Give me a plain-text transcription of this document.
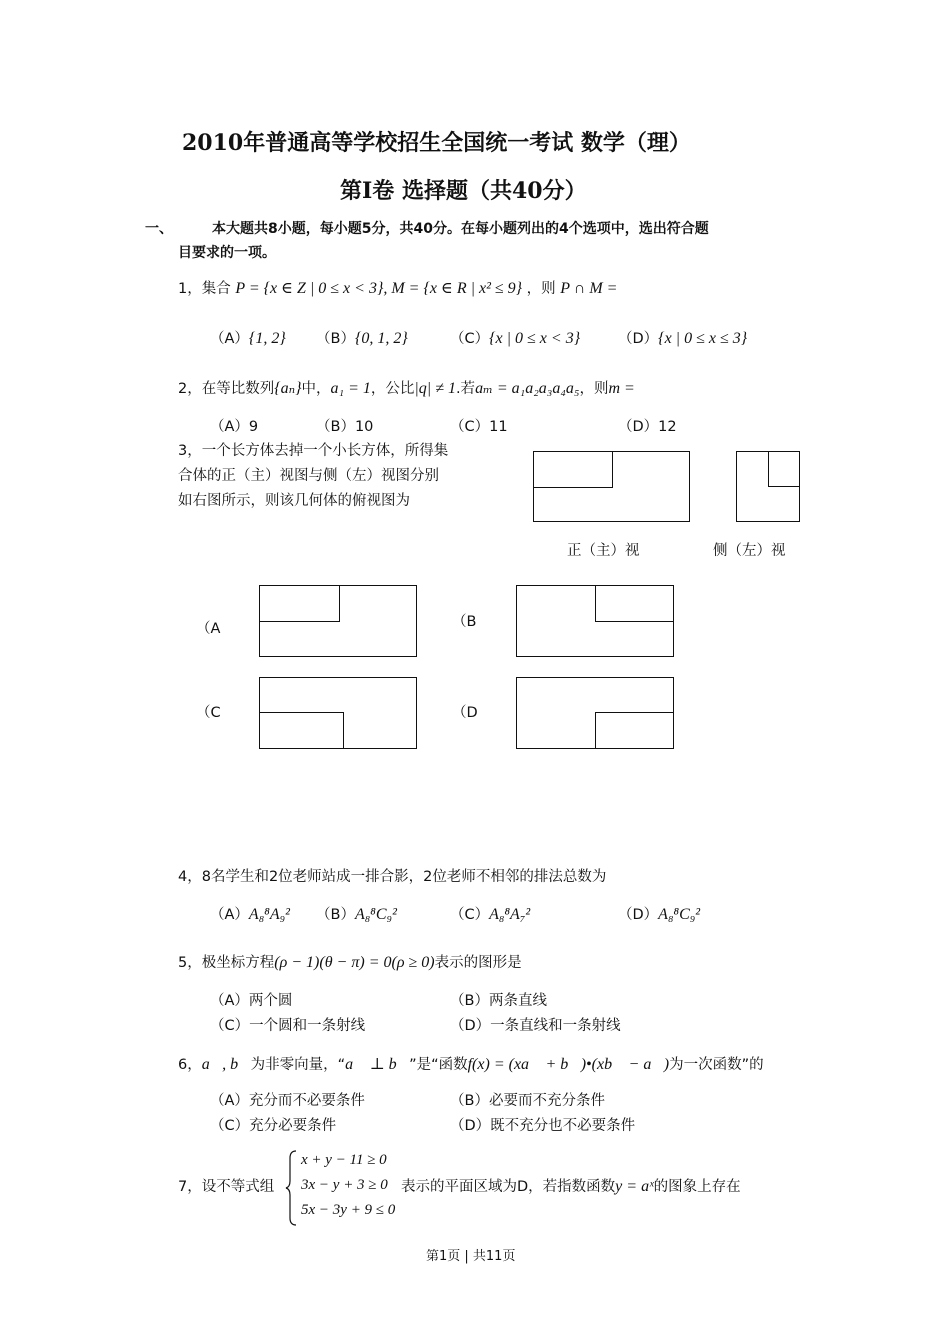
2010年普通高等学校招生全国统一考试 数学（理）
第I卷 选择题（共40分）
一、	本大题共8小题，每小题5分，共40分。在每小题列出的4个选项中，选出符合题
目要求的一项。
1，集合 P = {x ∈ Z | 0 ≤ x < 3}, M = {x ∈ R | x² ≤ 9} ，则 P ∩ M =
（A）{1, 2} （B）{0, 1, 2}	（C）{x | 0 ≤ x < 3}	（D）{x | 0 ≤ x ≤ 3}
2，在等比数列{aₙ}中，a₁ = 1，公比|q| ≠ 1.若aₘ = a₁a₂a₃a₄a₅，则m =
（A）9	（B）10	（C）11	（D）12
3，一个长方体去掉一个小长方体，所得集
合体的正（主）视图与侧（左）视图分别
如右图所示，则该几何体的俯视图为
正（主）视	侧（左）视
（A	（B
（C	（D
4，8名学生和2位老师站成一排合影，2位老师不相邻的排法总数为
（A）A₈⁸A₉² （B）A₈⁸C₉²	（C）A₈⁸A₇²	（D）A₈⁸C₉²
5，极坐标方程(ρ − 1)(θ − π) = 0(ρ ≥ 0)表示的图形是
（A）两个圆	（B）两条直线
（C）一个圆和一条射线	（D）一条直线和一条射线
6，a⃗, b⃗为非零向量，“a⃗ ⊥ b⃗”是“函数f(x) = (xa⃗ + b⃗)•(xb⃗ − a⃗)为一次函数”的
（A）充分而不必要条件	（B）必要而不充分条件
（C）充分必要条件	（D）既不充分也不必要条件
7，设不等式组
x + y − 11 ≥ 0
3x − y + 3 ≥ 0
5x − 3y + 9 ≤ 0
表示的平面区域为D，若指数函数y = aˣ的图象上存在
第1页 | 共11页
